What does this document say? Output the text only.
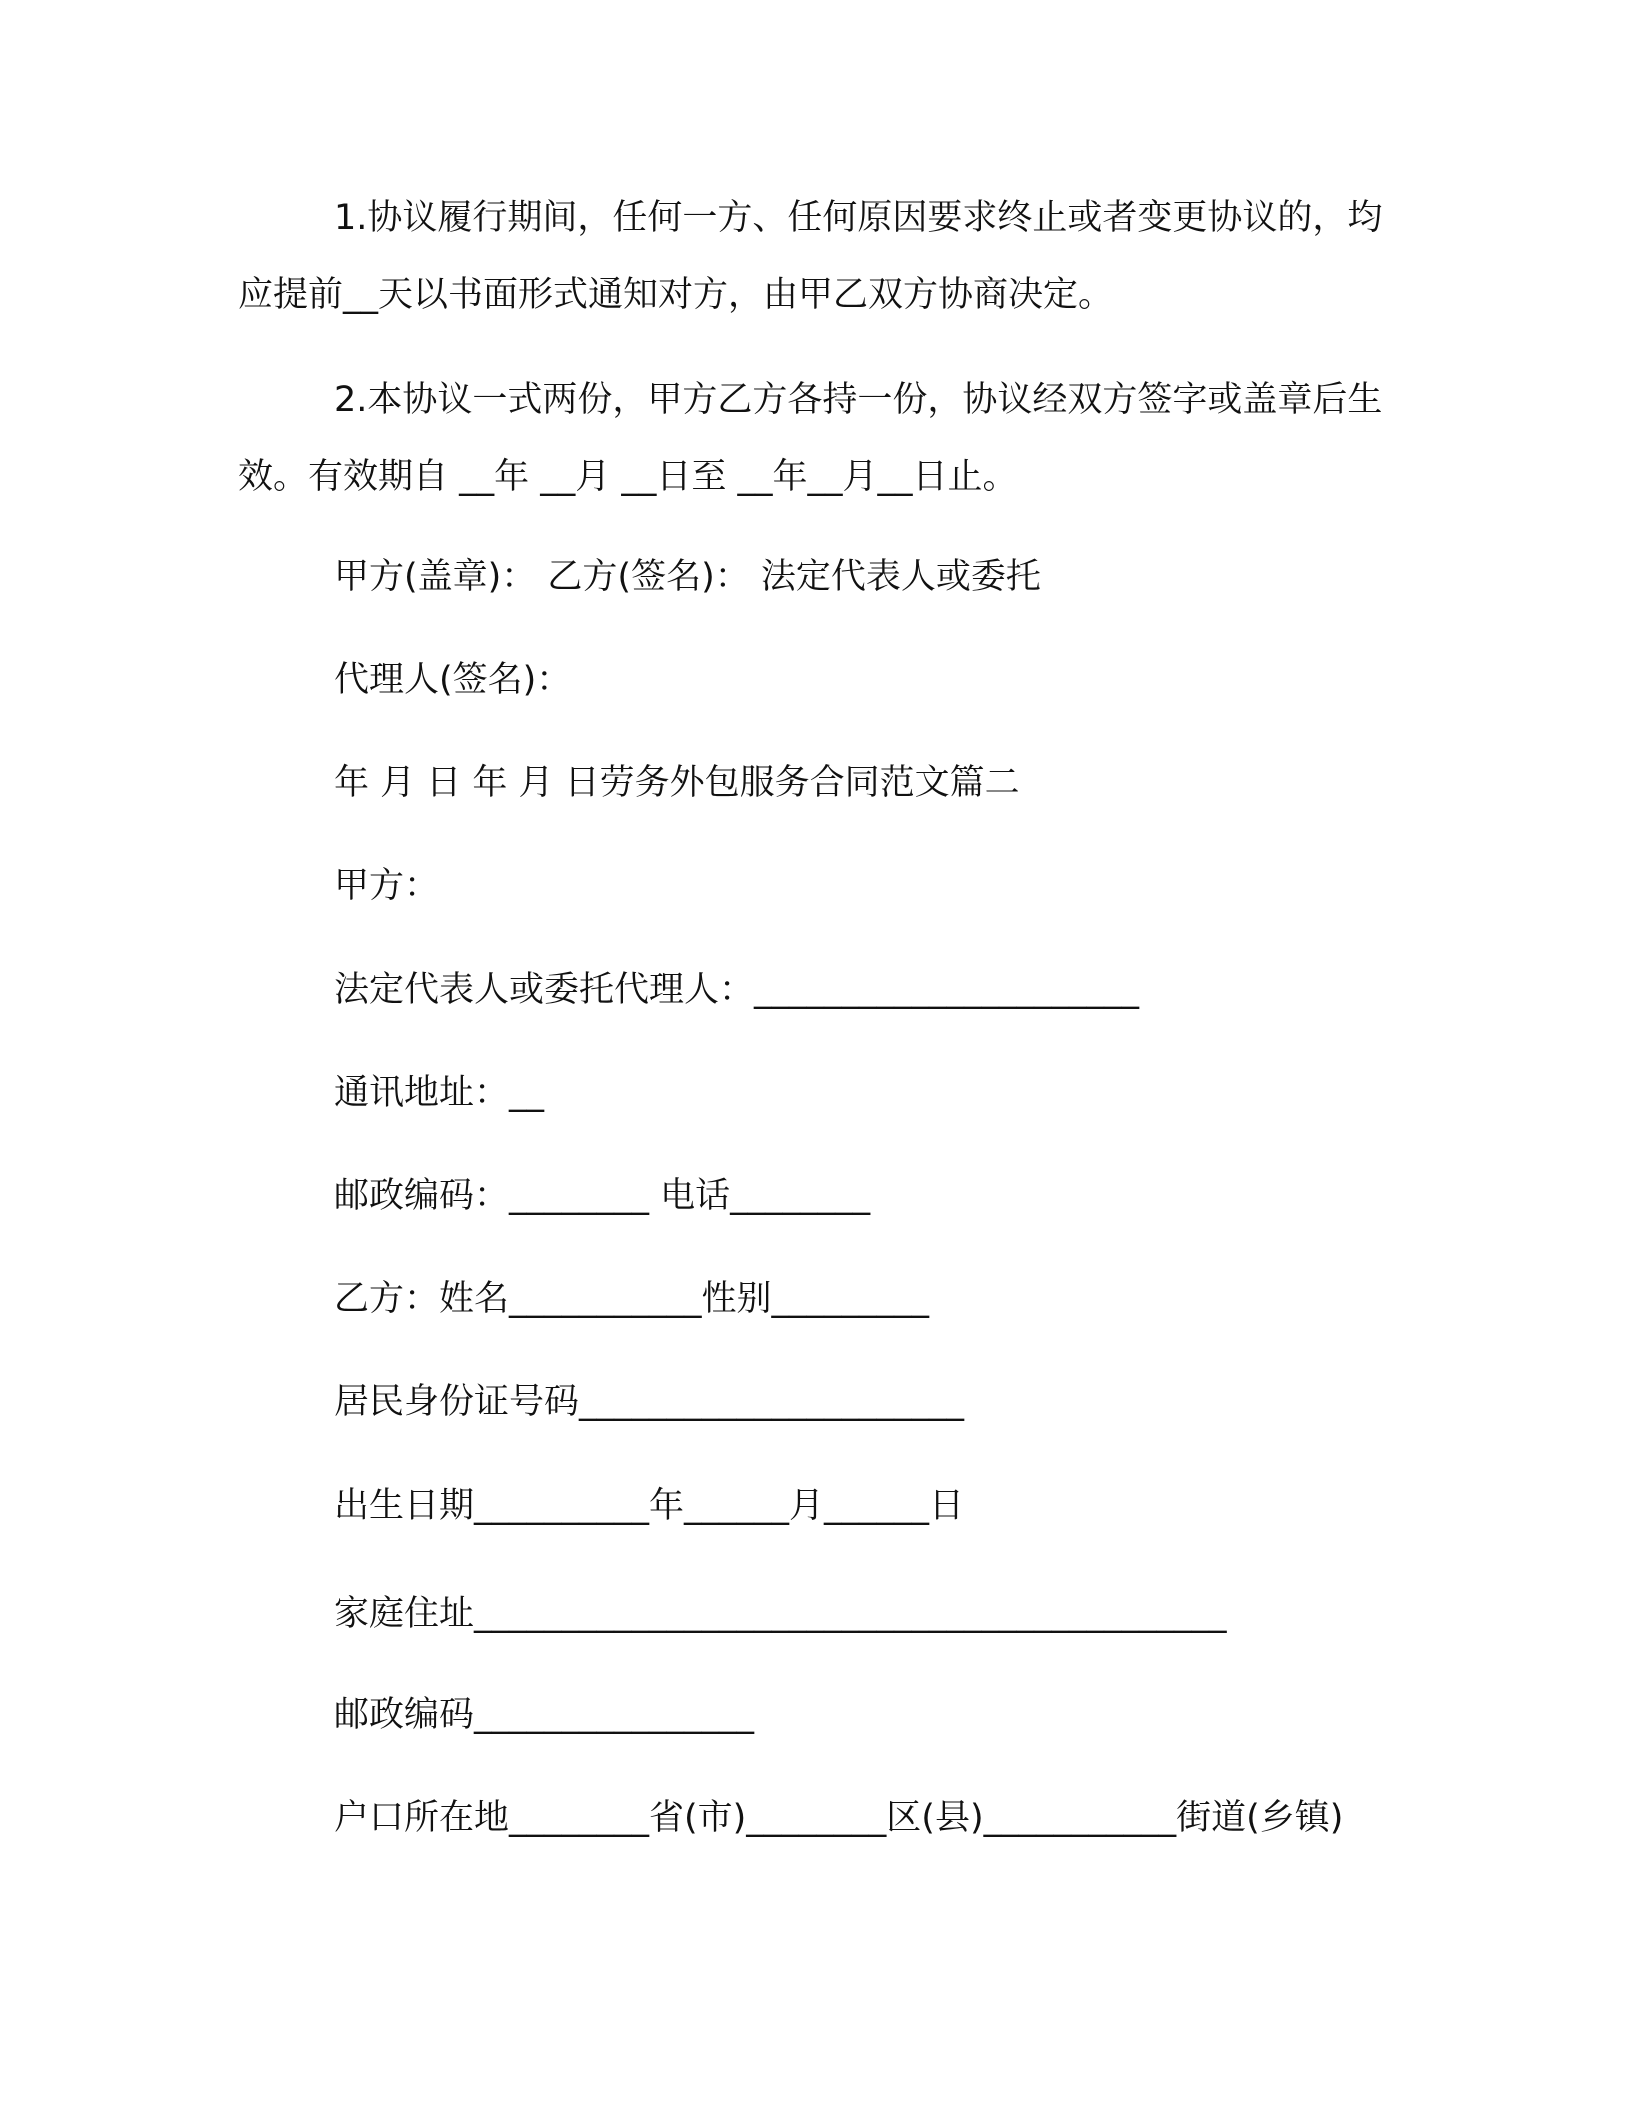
1.协议履行期间，任何一方、任何原因要求终止或者变更协议的，均应提前__天以书面形式通知对方，由甲乙双方协商决定。

2.本协议一式两份，甲方乙方各持一份，协议经双方签字或盖章后生效。有效期自 __年 __月 __日至 __年__月__日止。

甲方(盖章)： 乙方(签名)： 法定代表人或委托

代理人(签名)：

年 月 日 年 月 日劳务外包服务合同范文篇二

甲方：

法定代表人或委托代理人：______________________

通讯地址：__

邮政编码：________ 电话________

乙方：姓名___________性别_________

居民身份证号码______________________

出生日期__________年______月______日

家庭住址___________________________________________

邮政编码________________

户口所在地________省(市)________区(县)___________街道(乡镇)
